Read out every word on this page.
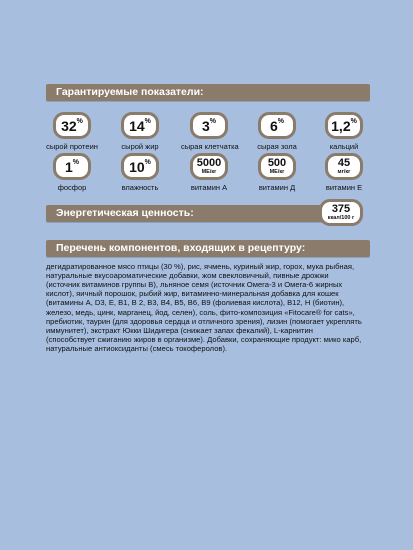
Гарантируемые показатели:
32%
сырой протеин
14%
сырой жир
3%
сырая клетчатка
6%
сырая зола
1,2%
кальций
1%
фосфор
10%
влажность
5000
МЕ/кг
витамин А
500
МЕ/кг
витамин Д
45
мг/кг
витамин Е
Энергетическая ценность:	375
ккал/100 г
Перечень компонентов, входящих в рецептуру:
дегидратированное мясо птицы (30 %), рис, ячмень, куриный жир, горох, мука рыбная, натуральные вкусоароматические добавки, жом свекловичный, пивные дрожжи (источник витаминов группы В), льняное семя (источник Омега-3 и Омега-6 жирных кислот), яичный порошок, рыбий жир, витаминно-минеральная добавка для кошек (витамины A, D3, E, B1, B 2, B3, B4, B5, B6, B9 (фолиевая кислота), B12, H (биотин), железо, медь, цинк, марганец, йод, селен), соль, фито-композиция «Fitocare® for cats», пребиотик, таурин (для здоровья сердца и отличного зрения), лизин (помогает укреплять иммунитет), экстракт Юкки Шидигера (снижает запах фекалий), L-карнитин (способствует сжиганию жиров в организме). Добавки, сохраняющие продукт: мико карб, натуральные антиоксиданты (смесь токоферолов).
